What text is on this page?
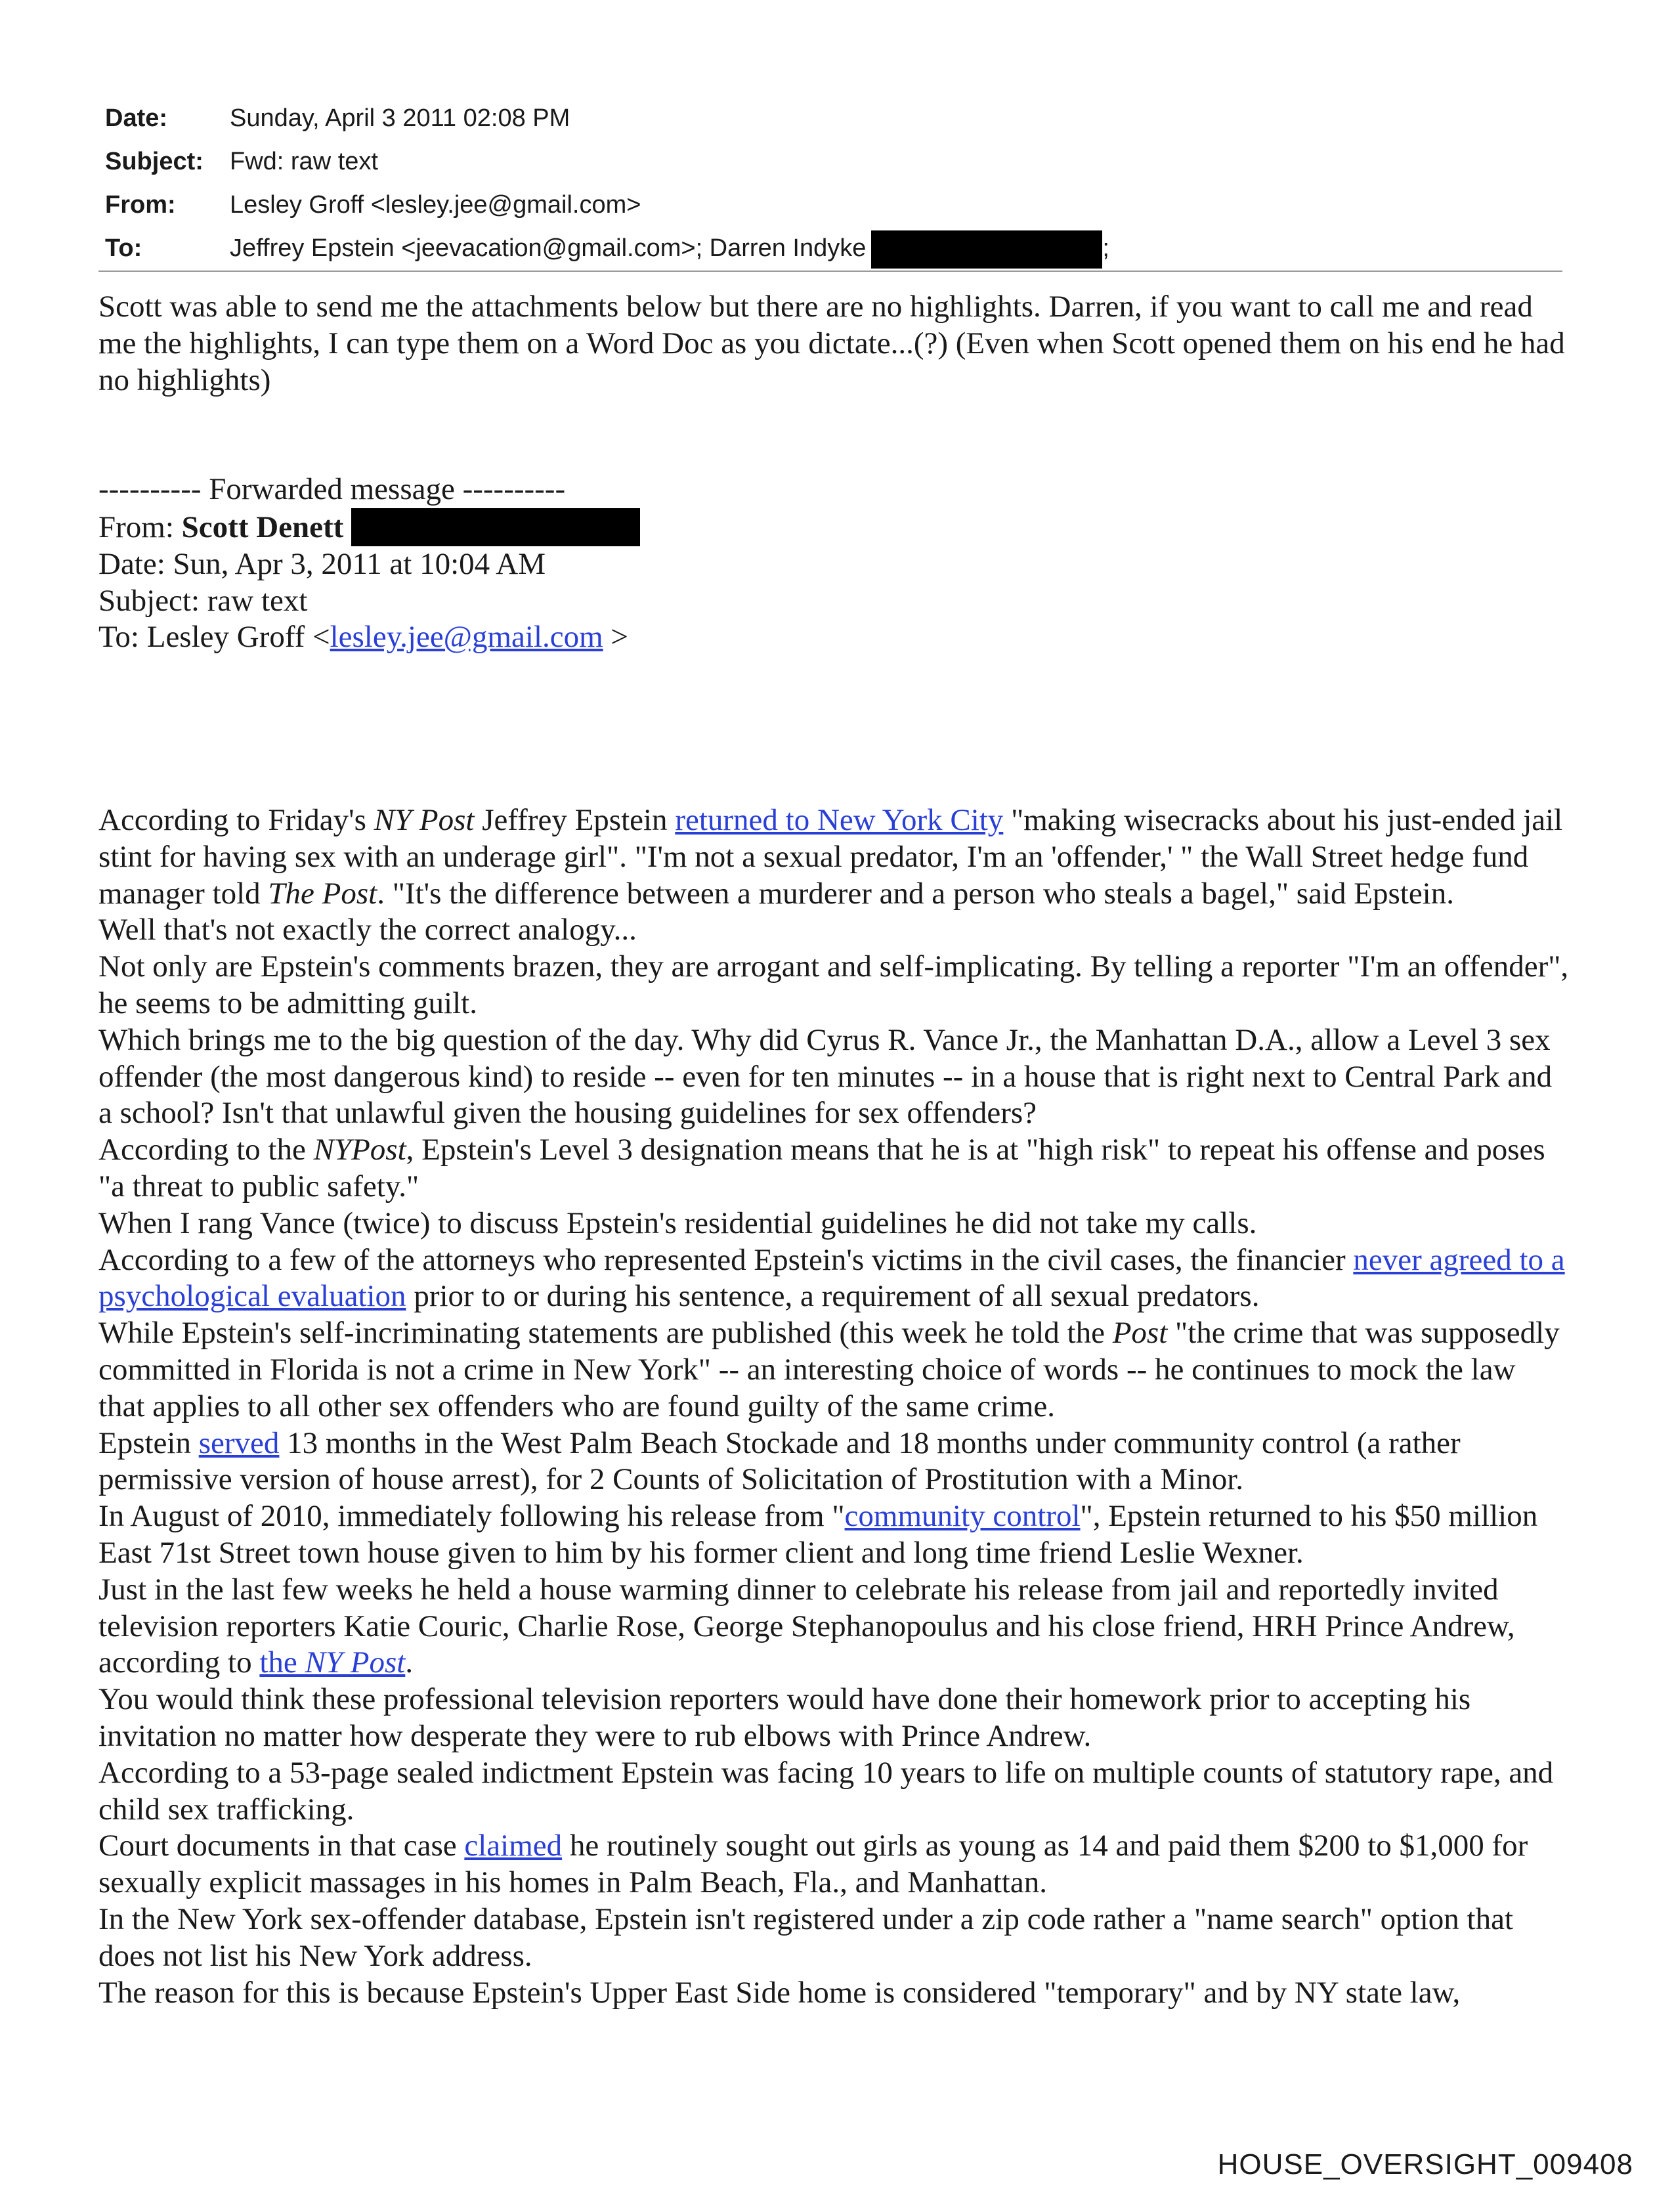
Date:	Sunday, April 3 2011 02:08 PM
Subject:	Fwd: raw text
From:	Lesley Groff <lesley.jee@gmail.com>
To:	Jeffrey Epstein <jeevacation@gmail.com>; Darren Indyke	;

Scott was able to send me the attachments below but there are no highlights. Darren, if you want to call me and read me the highlights, I can type them on a Word Doc as you dictate...(?) (Even when Scott opened them on his end he had no highlights)

---------- Forwarded message ----------
From: Scott Denett
Date: Sun, Apr 3, 2011 at 10:04 AM
Subject: raw text
To: Lesley Groff <lesley.jee@gmail.com >

According to Friday's NY Post Jeffrey Epstein returned to New York City "making wisecracks about his just-ended jail stint for having sex with an underage girl". "I'm not a sexual predator, I'm an 'offender,' " the Wall Street hedge fund manager told The Post. "It's the difference between a murderer and a person who steals a bagel," said Epstein.

Well that's not exactly the correct analogy...

Not only are Epstein's comments brazen, they are arrogant and self-implicating. By telling a reporter "I'm an offender", he seems to be admitting guilt.

Which brings me to the big question of the day. Why did Cyrus R. Vance Jr., the Manhattan D.A., allow a Level 3 sex offender (the most dangerous kind) to reside -- even for ten minutes -- in a house that is right next to Central Park and a school? Isn't that unlawful given the housing guidelines for sex offenders?

According to the NYPost, Epstein's Level 3 designation means that he is at "high risk" to repeat his offense and poses "a threat to public safety."

When I rang Vance (twice) to discuss Epstein's residential guidelines he did not take my calls.

According to a few of the attorneys who represented Epstein's victims in the civil cases, the financier never agreed to a psychological evaluation prior to or during his sentence, a requirement of all sexual predators.

While Epstein's self-incriminating statements are published (this week he told the Post "the crime that was supposedly committed in Florida is not a crime in New York" -- an interesting choice of words -- he continues to mock the law that applies to all other sex offenders who are found guilty of the same crime.

Epstein served 13 months in the West Palm Beach Stockade and 18 months under community control (a rather permissive version of house arrest), for 2 Counts of Solicitation of Prostitution with a Minor.

In August of 2010, immediately following his release from "community control", Epstein returned to his $50 million East 71st Street town house given to him by his former client and long time friend Leslie Wexner.

Just in the last few weeks he held a house warming dinner to celebrate his release from jail and reportedly invited television reporters Katie Couric, Charlie Rose, George Stephanopoulus and his close friend, HRH Prince Andrew, according to the NY Post.

You would think these professional television reporters would have done their homework prior to accepting his invitation no matter how desperate they were to rub elbows with Prince Andrew.

According to a 53-page sealed indictment Epstein was facing 10 years to life on multiple counts of statutory rape, and child sex trafficking.

Court documents in that case claimed he routinely sought out girls as young as 14 and paid them $200 to $1,000 for sexually explicit massages in his homes in Palm Beach, Fla., and Manhattan.

In the New York sex-offender database, Epstein isn't registered under a zip code rather a "name search" option that does not list his New York address.

The reason for this is because Epstein's Upper East Side home is considered "temporary" and by NY state law,

HOUSE_OVERSIGHT_009408
